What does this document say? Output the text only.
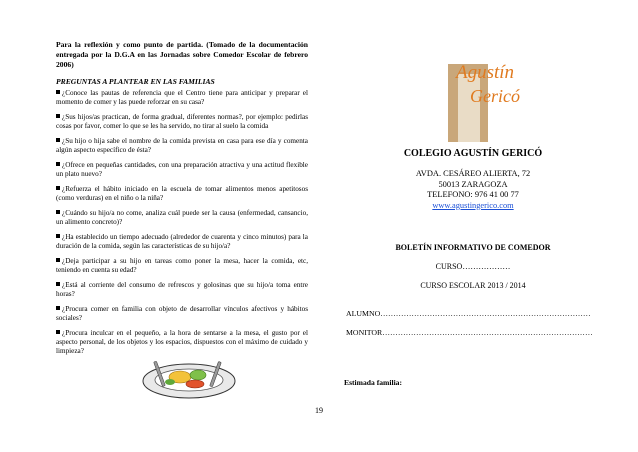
Para la reflexión y como punto de partida. (Tomado de la documentación entregada por la D.G.A en las Jornadas sobre Comedor Escolar de febrero 2006)

PREGUNTAS A PLANTEAR EN LAS FAMILIAS

¿Conoce las pautas de referencia que el Centro tiene para anticipar y preparar el momento de comer y las puede reforzar en su casa?

¿Sus hijos/as practican, de forma gradual, diferentes normas?, por ejemplo: pedirlas cosas por favor, comer lo que se les ha servido, no tirar al suelo la comida

¿Su hijo o hija sabe el nombre de la comida prevista en casa para ese día y comenta algún aspecto específico de ésta?

¿Ofrece en pequeñas cantidades, con una preparación atractiva y una actitud flexible un plato nuevo?

¿Refuerza el hábito iniciado en la escuela de tomar alimentos menos apetitosos (como verduras) en el niño o la niña?

¿Cuándo su hijo/a no come, analiza cuál puede ser la causa (enfermedad, cansancio, un alimento concreto)?

¿Ha establecido un tiempo adecuado (alrededor de cuarenta y cinco minutos) para la duración de la comida, según las características de su hijo/a?

¿Deja participar a su hijo en tareas como poner la mesa, hacer la comida, etc, teniendo en cuenta su edad?

¿Está al corriente del consumo de refrescos y golosinas que su hijo/a toma entre horas?

¿Procura comer en familia con objeto de desarrollar vínculos afectivos y hábitos sociales?

¿Procura inculcar en el pequeño, a la hora de sentarse a la mesa, el gusto por el aspecto personal, de los objetos y los espacios, dispuestos con el máximo de cuidado y limpieza?

Agustín
Gericó

COLEGIO AGUSTÍN GERICÓ

AVDA. CESÁREO ALIERTA, 72

50013 ZARAGOZA

TELEFONO: 976 41 00 77

www.agustingerico.com

BOLETÍN INFORMATIVO DE COMEDOR
CURSO………………
CURSO ESCOLAR 2013 / 2014
ALUMNO………………………………………………………………………
MONITOR………………………………………………………………………
Estimada familia:
19
